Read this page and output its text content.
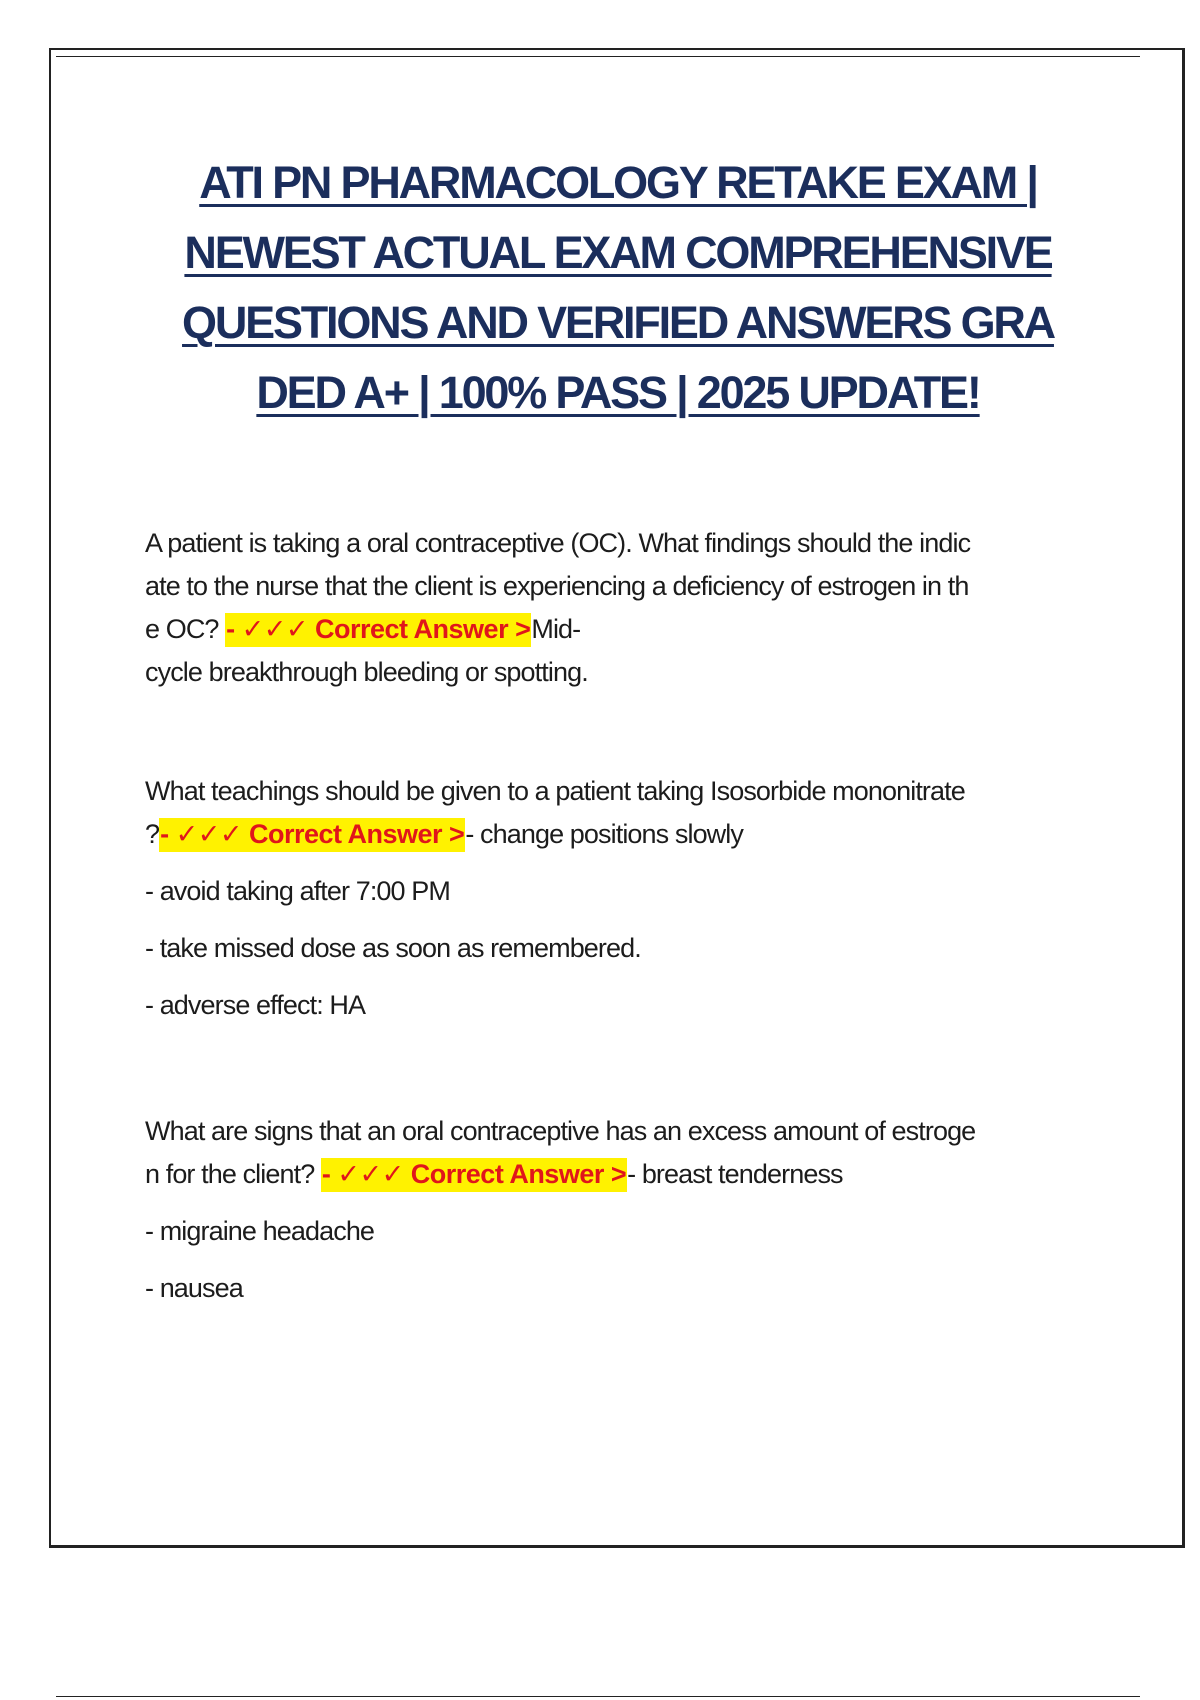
ATI PN PHARMACOLOGY RETAKE EXAM |
NEWEST ACTUAL EXAM COMPREHENSIVE
QUESTIONS AND VERIFIED ANSWERS GRA
DED A+ | 100% PASS | 2025 UPDATE!

A patient is taking a oral contraceptive (OC). What findings should the indic
ate to the nurse that the client is experiencing a deficiency of estrogen in th
e OC? - ✓✓✓ Correct Answer >Mid-
cycle breakthrough bleeding or spotting.

What teachings should be given to a patient taking Isosorbide mononitrate
?- ✓✓✓ Correct Answer >- change positions slowly

- avoid taking after 7:00 PM

- take missed dose as soon as remembered.

- adverse effect: HA

What are signs that an oral contraceptive has an excess amount of estroge
n for the client? - ✓✓✓ Correct Answer >- breast tenderness

- migraine headache

- nausea
